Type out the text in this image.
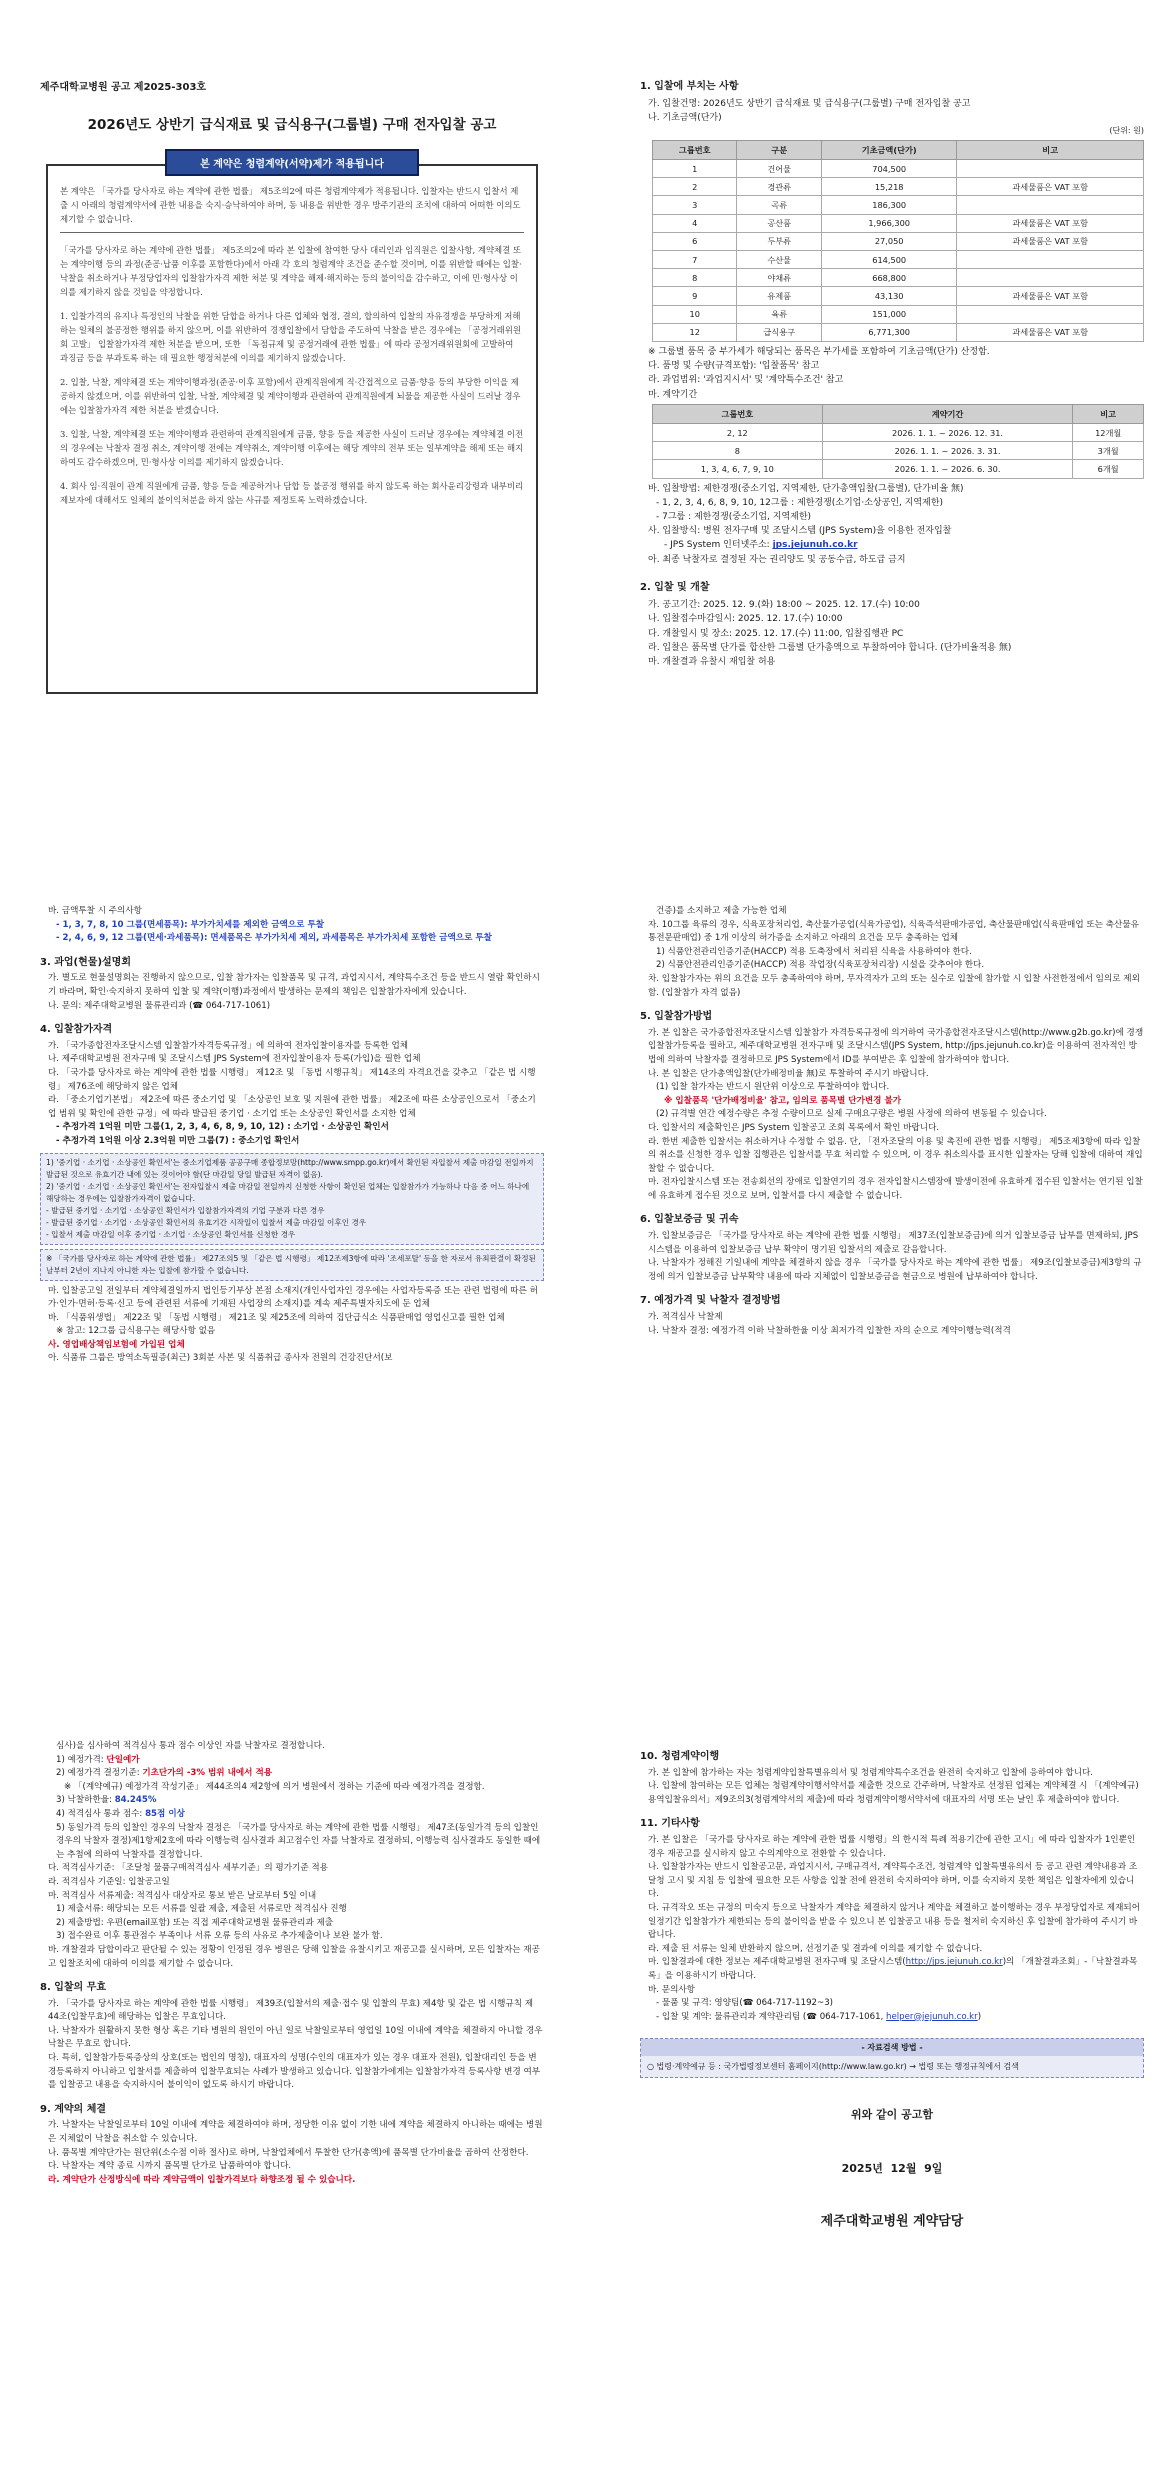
제주대학교병원 공고 제2025-303호
2026년도 상반기 급식재료 및 급식용구(그룹별) 구매 전자입찰 공고
본 계약은 청렴계약(서약)제가 적용됩니다

본 계약은 「국가를 당사자로 하는 계약에 관한 법률」 제5조의2에 따른 청렴계약제가 적용됩니다. 입찰자는 반드시 입찰서 제출 시 아래의 청렴계약서에 관한 내용을 숙지·승낙하여야 하며, 동 내용을 위반한 경우 방주기관의 조치에 대하여 어떠한 이의도 제기할 수 없습니다.

「국가를 당사자로 하는 계약에 관한 법률」 제5조의2에 따라 본 입찰에 참여한 당사 대리인과 임직원은 입찰사항, 계약체결 또는 계약이행 등의 과정(준공·납품 이후를 포함한다)에서 아래 각 호의 청렴계약 조건을 준수할 것이며, 이를 위반할 때에는 입찰·낙찰을 취소하거나 부정당업자의 입찰참가자격 제한 처분 및 계약을 해제·해지하는 등의 불이익을 감수하고, 이에 민·형사상 이의를 제기하지 않을 것임을 약정합니다.

1. 입찰가격의 유지나 특정인의 낙찰을 위한 담합을 하거나 다른 업체와 협정, 결의, 합의하여 입찰의 자유경쟁을 부당하게 저해하는 일체의 불공정한 행위를 하지 않으며, 이를 위반하여 경쟁입찰에서 담합을 주도하여 낙찰을 받은 경우에는 「공정거래위원회 고발」 입찰참가자격 제한 처분을 받으며, 또한 「독점규제 및 공정거래에 관한 법률」에 따라 공정거래위원회에 고발하여 과징금 등을 부과토록 하는 데 필요한 행정처분에 이의를 제기하지 않겠습니다.

2. 입찰, 낙찰, 계약체결 또는 계약이행과정(준공·이후 포함)에서 관계직원에게 직·간접적으로 금품·향응 등의 부당한 이익을 제공하지 않겠으며, 이를 위반하여 입찰, 낙찰, 계약체결 및 계약이행과 관련하여 관계직원에게 뇌물을 제공한 사실이 드러날 경우에는 입찰참가자격 제한 처분을 받겠습니다.

3. 입찰, 낙찰, 계약체결 또는 계약이행과 관련하여 관계직원에게 금품, 향응 등을 제공한 사실이 드러날 경우에는 계약체결 이전의 경우에는 낙찰자 결정 취소, 계약이행 전에는 계약취소, 계약이행 이후에는 해당 계약의 전부 또는 일부계약을 해제 또는 해지하여도 감수하겠으며, 민·형사상 이의를 제기하지 않겠습니다.

4. 회사 임·직원이 관계 직원에게 금품, 향응 등을 제공하거나 담합 등 불공정 행위를 하지 않도록 하는 회사윤리강령과 내부비리 제보자에 대해서도 일체의 불이익처분을 하지 않는 사규를 제정토록 노력하겠습니다.

1. 입찰에 부치는 사항
가. 입찰건명: 2026년도 상반기 급식재료 및 급식용구(그룹별) 구매 전자입찰 공고
나. 기초금액(단가)
(단위: 원)
그룹번호	구분	기초금액(단가)	비고
1	건어물	704,500	
2	경관류	15,218	과세물품은 VAT 포함
3	곡류	186,300	
4	공산품	1,966,300	과세물품은 VAT 포함
6	두부류	27,050	과세물품은 VAT 포함
7	수산물	614,500	
8	야채류	668,800	
9	유제품	43,130	과세물품은 VAT 포함
10	육류	151,000	
12	급식용구	6,771,300	과세물품은 VAT 포함
※ 그룹별 품목 중 부가세가 해당되는 품목은 부가세를 포함하여 기초금액(단가) 산정함.
다. 품명 및 수량(규격포함): '입찰품목' 참고
라. 과업범위: '과업지시서' 및 '계약특수조건' 참고
마. 계약기간
그룹번호	계약기간	비고
2, 12	2026. 1. 1. ~ 2026. 12. 31.	12개월
8	2026. 1. 1. ~ 2026. 3. 31.	3개월
1, 3, 4, 6, 7, 9, 10	2026. 1. 1. ~ 2026. 6. 30.	6개월
바. 입찰방법: 제한경쟁(중소기업, 지역제한, 단가총액입찰(그룹별), 단가비율 無)
- 1, 2, 3, 4, 6, 8, 9, 10, 12그룹 : 제한경쟁(소기업·소상공인, 지역제한)
- 7그룹 : 제한경쟁(중소기업, 지역제한)
사. 입찰방식: 병원 전자구매 및 조달시스템 (JPS System)을 이용한 전자입찰
- JPS System 인터넷주소: jps.jejunuh.co.kr
아. 최종 낙찰자로 결정된 자는 권리양도 및 공동수급, 하도급 금지
2. 입찰 및 개찰
가. 공고기간: 2025. 12. 9.(화) 18:00 ~ 2025. 12. 17.(수) 10:00
나. 입찰접수마감일시: 2025. 12. 17.(수) 10:00
다. 개찰일시 및 장소: 2025. 12. 17.(수) 11:00, 입찰집행관 PC
라. 입찰은 품목별 단가를 합산한 그룹별 단가총액으로 투찰하여야 합니다. (단가비율적용 無)
마. 개찰결과 유찰시 재입찰 허용
바. 금액투찰 시 주의사항
- 1, 3, 7, 8, 10 그룹(면세품목): 부가가치세를 제외한 금액으로 투찰
- 2, 4, 6, 9, 12 그룹(면세·과세품목): 면세품목은 부가가치세 제외, 과세품목은 부가가치세 포함한 금액으로 투찰
3. 과업(현물)설명회
가. 별도로 현물설명회는 진행하지 않으므로, 입찰 참가자는 입찰품목 및 규격, 과업지시서, 계약특수조건 등을 반드시 열람 확인하시기 바라며, 확인·숙지하지 못하여 입찰 및 계약(이행)과정에서 발생하는 문제의 책임은 입찰참가자에게 있습니다.
나. 문의: 제주대학교병원 물류관리과 (☎ 064-717-1061)
4. 입찰참가자격
가. 「국가종합전자조달시스템 입찰참가자격등록규정」에 의하여 전자입찰이용자를 등록한 업체
나. 제주대학교병원 전자구매 및 조달시스템 JPS System에 전자입찰이용자 등록(가입)을 필한 업체
다. 「국가를 당사자로 하는 계약에 관한 법률 시행령」 제12조 및 「동법 시행규칙」 제14조의 자격요건을 갖추고 「같은 법 시행령」 제76조에 해당하지 않은 업체
라. 「중소기업기본법」 제2조에 따른 중소기업 및 「소상공인 보호 및 지원에 관한 법률」 제2조에 따른 소상공인으로서 「중소기업 범위 및 확인에 관한 규정」에 따라 발급된 중기업 · 소기업 또는 소상공인 확인서를 소지한 업체
- 추정가격 1억원 미만 그룹(1, 2, 3, 4, 6, 8, 9, 10, 12) : 소기업 · 소상공인 확인서
- 추정가격 1억원 이상 2.3억원 미만 그룹(7) : 중소기업 확인서
1) '중기업 · 소기업 · 소상공인 확인서'는 중소기업제품 공공구매 종합정보망(http://www.smpp.go.kr)에서 확인된 자입찰서 제출 마감일 전일까지 발급된 것으로 유효기간 내에 있는 것이어야 함(단 마감일 당일 발급된 자격이 없음).
2) '중기업 · 소기업 · 소상공인 확인서'는 전자입찰시 제출 마감일 전일까지 신청한 사항이 확인된 업체는 입찰참가가 가능하나 다음 중 어느 하나에 해당하는 경우에는 입찰참가자격이 없습니다.
- 발급된 중기업 · 소기업 · 소상공인 확인서가 입찰참가자격의 기업 구분과 다른 경우
- 발급된 중기업 · 소기업 · 소상공인 확인서의 유효기간 시작일이 입찰서 제출 마감일 이후인 경우
- 입찰서 제출 마감일 이후 중기업 · 소기업 · 소상공인 확인서를 신청한 경우
※ 「국가를 당사자로 하는 계약에 관한 법률」 제27조의5 및 「같은 법 시행령」 제12조제3항에 따라 '조세포탈' 등을 한 자로서 유죄판결이 확정된 날부터 2년이 지나지 아니한 자는 입찰에 참가할 수 없습니다.
마. 입찰공고일 전일부터 계약체결일까지 법인등기부상 본점 소재지(개인사업자인 경우에는 사업자등록증 또는 관련 법령에 따른 허가·인가·면허·등록·신고 등에 관련된 서류에 기재된 사업장의 소재지)를 계속 제주특별자치도에 둔 업체
바. 「식품위생법」 제22조 및 「동법 시행령」 제21조 및 제25조에 의하여 집단급식소 식품판매업 영업신고를 필한 업체
※ 참고: 12그룹 급식용구는 해당사항 없음
사. 영업배상책임보험에 가입된 업체
아. 식품류 그룹은 방역소독필증(최근) 3회분 사본 및 식품취급 종사자 전원의 건강진단서(보
건증)를 소지하고 제출 가능한 업체
자. 10그룹 육류의 경우, 식육포장처리업, 축산물가공업(식육가공업), 식육즉석판매가공업, 축산물판매업(식육판매업 또는 축산물유통전문판매업) 중 1개 이상의 허가증을 소지하고 아래의 요건을 모두 충족하는 업체
1) 식품안전관리인증기준(HACCP) 적용 도축장에서 처리된 식육을 사용하여야 한다.
2) 식품안전관리인증기준(HACCP) 적용 작업장(식육포장처리장) 시설을 갖추어야 한다.
차. 입찰참가자는 위의 요건을 모두 충족하여야 하며, 무자격자가 고의 또는 실수로 입찰에 참가할 시 입찰 사전한정에서 임의로 제외 함. (입찰참가 자격 없음)
5. 입찰참가방법
가. 본 입찰은 국가종합전자조달시스템 입찰참가 자격등록규정에 의거하여 국가종합전자조달시스템(http://www.g2b.go.kr)에 경쟁입찰참가등록을 필하고, 제주대학교병원 전자구매 및 조달시스템(JPS System, http://jps.jejunuh.co.kr)을 이용하여 전자적인 방법에 의하여 낙찰자를 결정하므로 JPS System에서 ID를 부여받은 후 입찰에 참가하여야 합니다.
나. 본 입찰은 단가총액입찰(단가배정비율 無)로 투찰하여 주시기 바랍니다.
(1) 입찰 참가자는 반드시 원단위 이상으로 투찰하여야 합니다.
※ 입찰품목 '단가배정비율' 참고, 임의로 품목별 단가변경 불가
(2) 규격별 연간 예정수량은 추정 수량이므로 실제 구매요구량은 병원 사정에 의하여 변동될 수 있습니다.
다. 입찰서의 제출확인은 JPS System 입찰공고 조회 목록에서 확인 바랍니다.
라. 한번 제출한 입찰서는 취소하거나 수정할 수 없음. 단, 「전자조달의 이용 및 촉진에 관한 법률 시행령」 제5조제3항에 따라 입찰의 취소를 신청한 경우 입찰 집행관은 입찰서를 무효 처리할 수 있으며, 이 경우 취소의사를 표시한 입찰자는 당해 입찰에 대하여 재입찰할 수 없습니다.
마. 전자입찰시스템 또는 전송회선의 장애로 입찰연기의 경우 전자입찰시스템장애 발생이전에 유효하게 접수된 입찰서는 연기된 입찰에 유효하게 접수된 것으로 보며, 입찰서를 다시 제출할 수 없습니다.
6. 입찰보증금 및 귀속
가. 입찰보증금은 「국가를 당사자로 하는 계약에 관한 법률 시행령」 제37조(입찰보증금)에 의거 입찰보증금 납부를 면제하되, JPS시스템을 이용하여 입찰보증금 납부 확약이 명기된 입찰서의 제출로 갈음합니다.
나. 낙찰자가 정해진 기일내에 계약을 체결하지 않을 경우 「국가를 당사자로 하는 계약에 관한 법률」 제9조(입찰보증금)제3항의 규정에 의거 입찰보증금 납부확약 내용에 따라 지체없이 입찰보증금을 현금으로 병원에 납부하여야 합니다.
7. 예정가격 및 낙찰자 결정방법
가. 적격심사 낙찰제
나. 낙찰자 결정: 예정가격 이하 낙찰하한율 이상 최저가격 입찰한 자의 순으로 계약이행능력(적격
심사)을 심사하여 적격심사 통과 점수 이상인 자를 낙찰자로 결정합니다.
1) 예정가격: 단일예가
2) 예정가격 결정기준: 기초단가의 -3% 범위 내에서 적용
※ 「(계약예규) 예정가격 작성기준」 제44조의4 제2항에 의거 병원에서 정하는 기준에 따라 예정가격을 결정함.
3) 낙찰하한율: 84.245%
4) 적격심사 통과 점수: 85점 이상
5) 동일가격 등의 입찰인 경우의 낙찰자 결정은 「국가를 당사자로 하는 계약에 관한 법률 시행령」 제47조(동일가격 등의 입찰인 경우의 낙찰자 결정)제1항제2호에 따라 이행능력 심사결과 최고점수인 자를 낙찰자로 결정하되, 이행능력 심사결과도 동일한 때에는 추첨에 의하여 낙찰자를 결정합니다.
다. 적격심사기준: 「조달청 물품구매적격심사 세부기준」의 평가기준 적용
라. 적격심사 기준일: 입찰공고일
마. 적격심사 서류제출: 적격심사 대상자로 통보 받은 날로부터 5일 이내
1) 제출서류: 해당되는 모든 서류를 일괄 제출, 제출된 서류로만 적격심사 진행
2) 제출방법: 우편(email포함) 또는 직접 제주대학교병원 물류관리과 제출
3) 접수완료 이후 통관점수 부족이나 서류 오류 등의 사유로 추가제출이나 보완 불가 함.
바. 개찰결과 담합이라고 판단될 수 있는 정황이 인정된 경우 병원은 당해 입찰을 유찰시키고 재공고를 실시하며, 모든 입찰자는 재공고 입찰조치에 대하여 이의를 제기할 수 없습니다.
8. 입찰의 무효
가. 「국가를 당사자로 하는 계약에 관한 법률 시행령」 제39조(입찰서의 제출·접수 및 입찰의 무효) 제4항 및 같은 법 시행규칙 제44조(입찰무효)에 해당하는 입찰은 무효입니다.
나. 낙찰자가 원활하지 못한 형상 혹은 기타 병원의 원인이 아닌 일로 낙찰일로부터 영업일 10일 이내에 계약을 체결하지 아니할 경우 낙찰은 무효로 합니다.
다. 특히, 입찰참가등록증상의 상호(또는 법인의 명칭), 대표자의 성명(수인의 대표자가 있는 경우 대표자 전원), 입찰대리인 등을 변경등록하지 아니하고 입찰서를 제출하여 입찰무효되는 사례가 발생하고 있습니다. 입찰참가에게는 입찰참가자격 등록사항 변경 여부를 입찰공고 내용을 숙지하시어 불이익이 없도록 하시기 바랍니다.
9. 계약의 체결
가. 낙찰자는 낙찰일로부터 10일 이내에 계약을 체결하여야 하며, 정당한 이유 없이 기한 내에 계약을 체결하지 아니하는 때에는 병원은 지체없이 낙찰을 취소할 수 있습니다.
나. 품목별 계약단가는 원단위(소수점 이하 절사)로 하며, 낙찰업체에서 투찰한 단가(총액)에 품목별 단가비율을 곱하여 산정한다.
다. 낙찰자는 계약 종료 시까지 품목별 단가로 납품하여야 합니다.
라. 계약단가 산정방식에 따라 계약금액이 입찰가격보다 하향조정 될 수 있습니다.
10. 청렴계약이행
가. 본 입찰에 참가하는 자는 청렴계약입찰특별유의서 및 청렴계약특수조건을 완전히 숙지하고 입찰에 응하여야 합니다.
나. 입찰에 참여하는 모든 업체는 청렴계약이행서약서를 제출한 것으로 간주하며, 낙찰자로 선정된 업체는 계약체결 시 「(계약예규)용역입찰유의서」제9조의3(청렴계약서의 제출)에 따라 청렴계약이행서약서에 대표자의 서명 또는 날인 후 제출하여야 합니다.
11. 기타사항
가. 본 입찰은 「국가를 당사자로 하는 계약에 관한 법률 시행령」의 한시적 특례 적용기간에 관한 고시」에 따라 입찰자가 1인뿐인 경우 재공고를 실시하지 않고 수의계약으로 전환할 수 있습니다.
나. 입찰참가자는 반드시 입찰공고문, 과업지시서, 구매규격서, 계약특수조건, 청렴계약 입찰특별유의서 등 공고 관련 계약내용과 조달청 고시 및 지침 등 입찰에 필요한 모든 사항을 입찰 전에 완전히 숙지하여야 하며, 이를 숙지하지 못한 책임은 입찰자에게 있습니다.
다. 규격작오 또는 규정의 미숙지 등으로 낙찰자가 계약을 체결하지 않거나 계약을 체결하고 불이행하는 경우 부정당업자로 제재되어 일정기간 입찰참가가 제한되는 등의 불이익을 받을 수 있으니 본 입찰공고 내용 등을 철저히 숙지하신 후 입찰에 참가하여 주시기 바랍니다.
라. 제출 된 서류는 일체 반환하지 않으며, 선정기준 및 결과에 이의를 제기할 수 없습니다.
마. 입찰결과에 대한 정보는 제주대학교병원 전자구매 및 조달시스템(http://jps.jejunuh.co.kr)의 「개찰결과조회」-「낙찰결과목록」을 이용하시기 바랍니다.
바. 문의사항
- 물품 및 규격: 영양팀(☎ 064-717-1192~3)
- 입찰 및 계약: 물류관리과 계약관리팀 (☎ 064-717-1061, helper@jejunuh.co.kr)
- 자료검색 방법 -
○ 법령·계약예규 등 : 국가법령정보센터 홈페이지(http://www.law.go.kr) → 법령 또는 행정규칙에서 검색
위와 같이 공고함
2025년  12월  9일
제주대학교병원 계약담당
